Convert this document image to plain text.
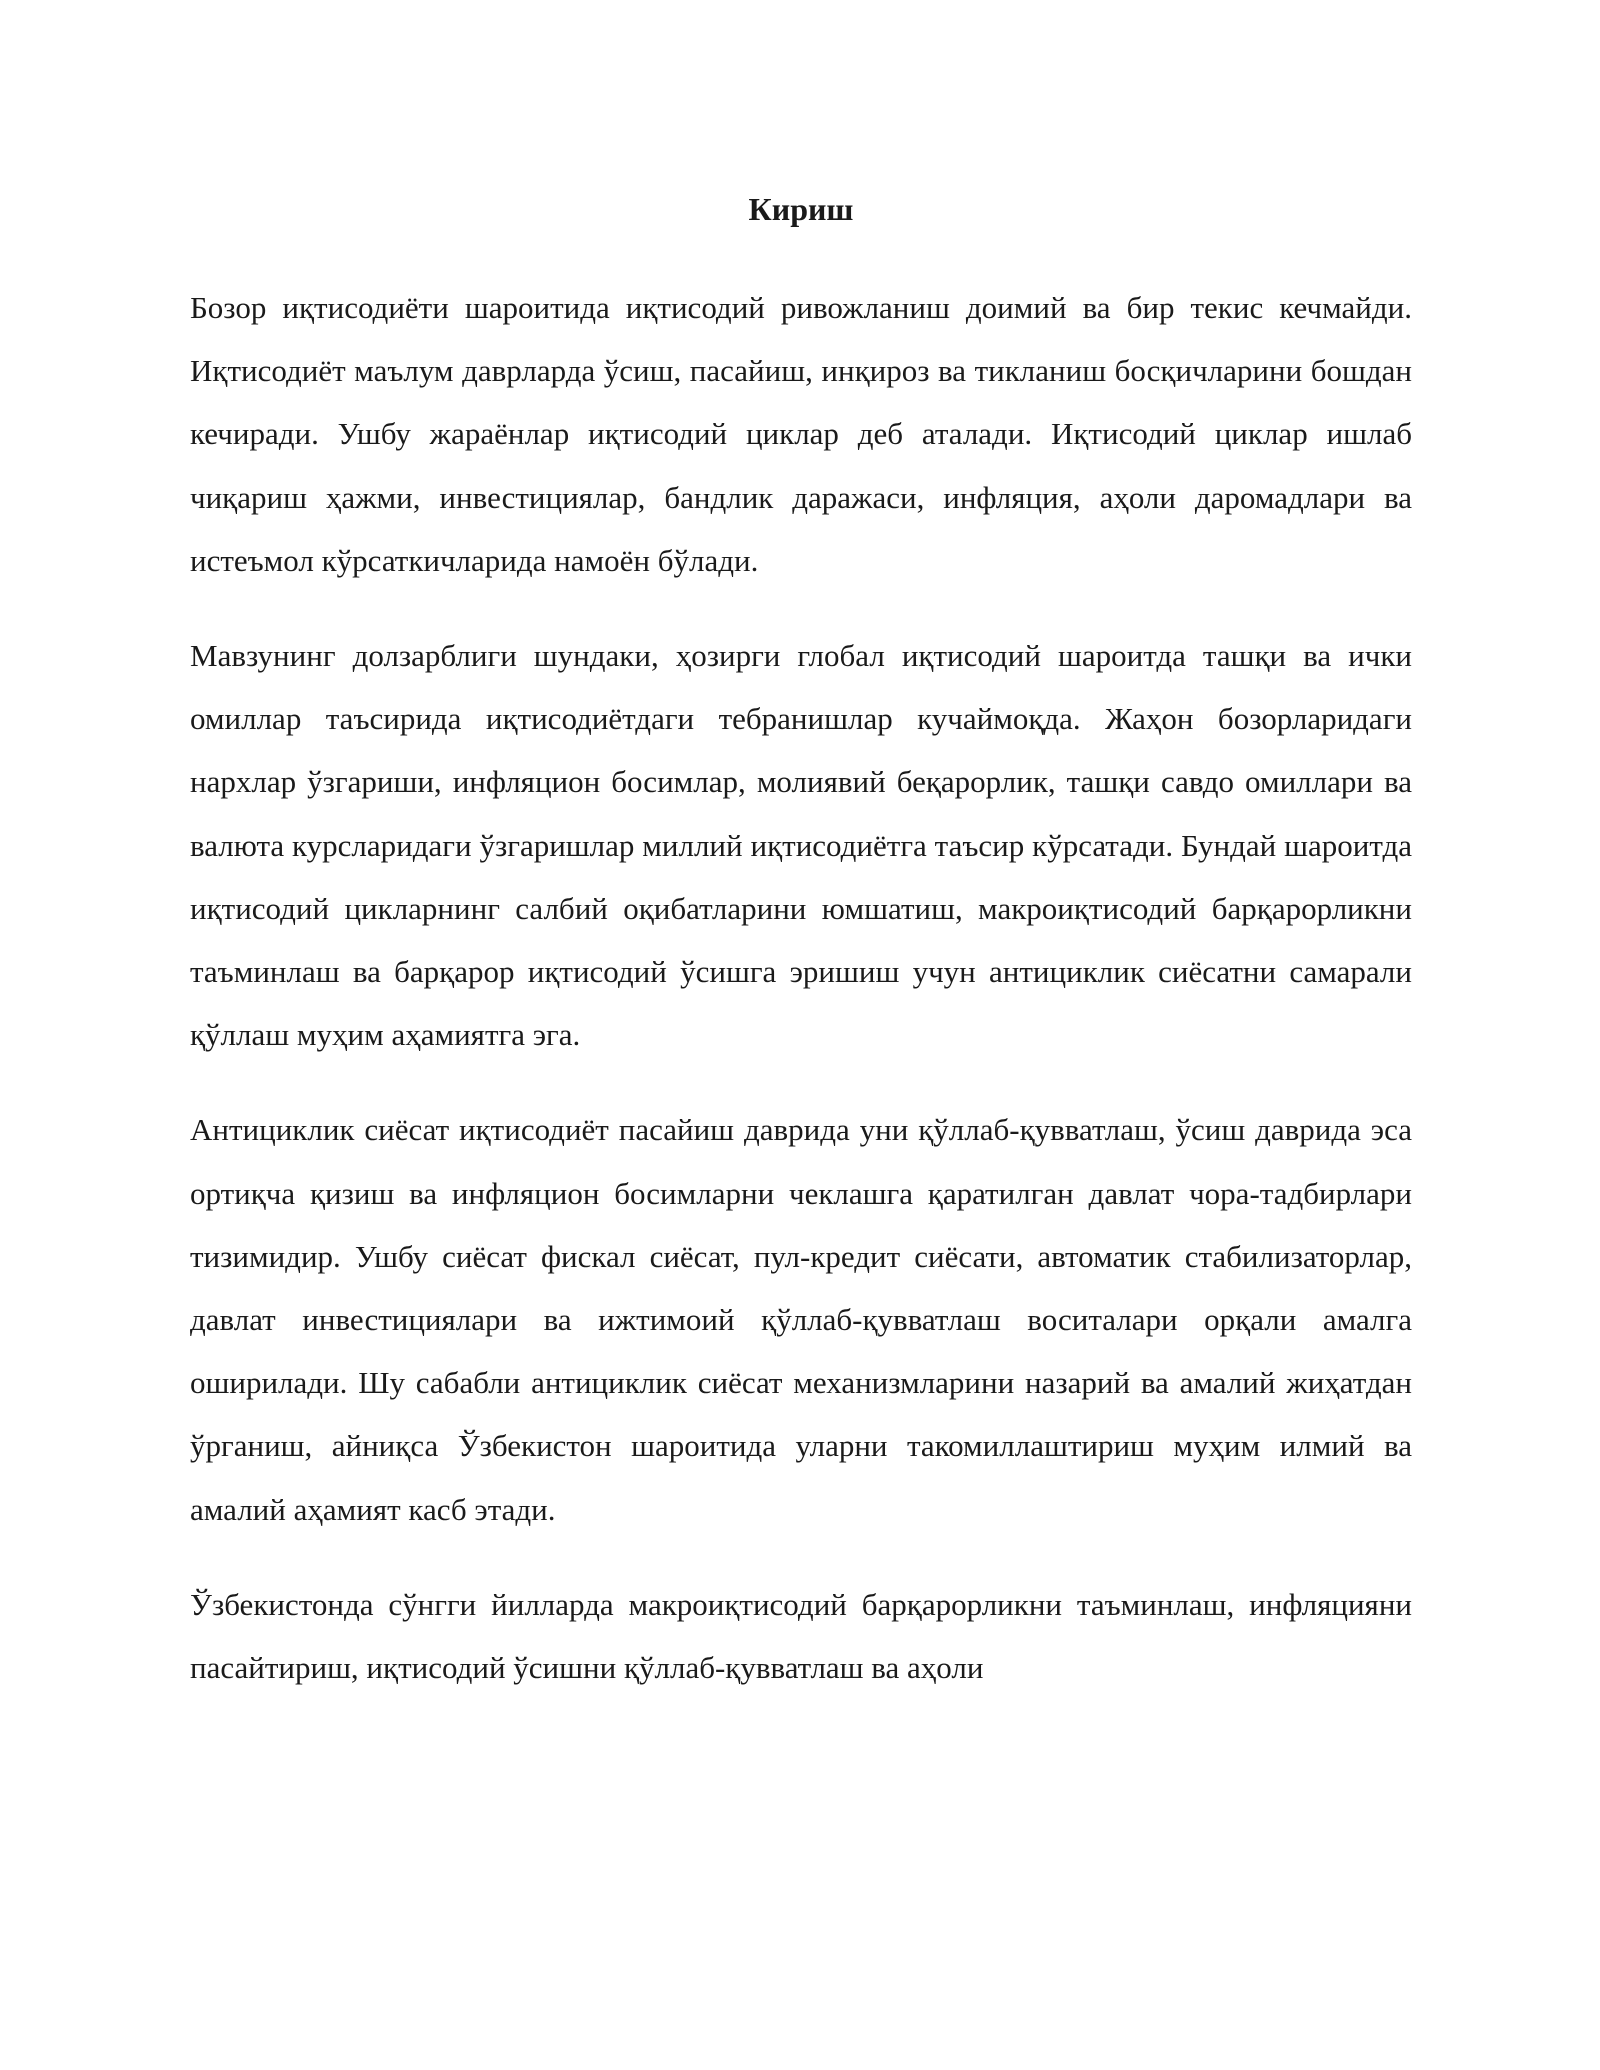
Кириш

Бозор иқтисодиёти шароитида иқтисодий ривожланиш доимий ва бир текис кечмайди. Иқтисодиёт маълум даврларда ўсиш, пасайиш, инқироз ва тикланиш босқичларини бошдан кечиради. Ушбу жараёнлар иқтисодий циклар деб аталади. Иқтисодий циклар ишлаб чиқариш ҳажми, инвестициялар, бандлик даражаси, инфляция, аҳоли даромадлари ва истеъмол кўрсаткичларида намоён бўлади.

Мавзунинг долзарблиги шундаки, ҳозирги глобал иқтисодий шароитда ташқи ва ички омиллар таъсирида иқтисодиётдаги тебранишлар кучаймоқда. Жаҳон бозорларидаги нархлар ўзгариши, инфляцион босимлар, молиявий беқарорлик, ташқи савдо омиллари ва валюта курсларидаги ўзгаришлар миллий иқтисодиётга таъсир кўрсатади. Бундай шароитда иқтисодий цикларнинг салбий оқибатларини юмшатиш, макроиқтисодий барқарорликни таъминлаш ва барқарор иқтисодий ўсишга эришиш учун антициклик сиёсатни самарали қўллаш муҳим аҳамиятга эга.

Антициклик сиёсат иқтисодиёт пасайиш даврида уни қўллаб-қувватлаш, ўсиш даврида эса ортиқча қизиш ва инфляцион босимларни чеклашга қаратилган давлат чора-тадбирлари тизимидир. Ушбу сиёсат фискал сиёсат, пул-кредит сиёсати, автоматик стабилизаторлар, давлат инвестициялари ва ижтимоий қўллаб-қувватлаш воситалари орқали амалга оширилади. Шу сабабли антициклик сиёсат механизмларини назарий ва амалий жиҳатдан ўрганиш, айниқса Ўзбекистон шароитида уларни такомиллаштириш муҳим илмий ва амалий аҳамият касб этади.

Ўзбекистонда сўнгги йилларда макроиқтисодий барқарорликни таъминлаш, инфляцияни пасайтириш, иқтисодий ўсишни қўллаб-қувватлаш ва аҳоли
